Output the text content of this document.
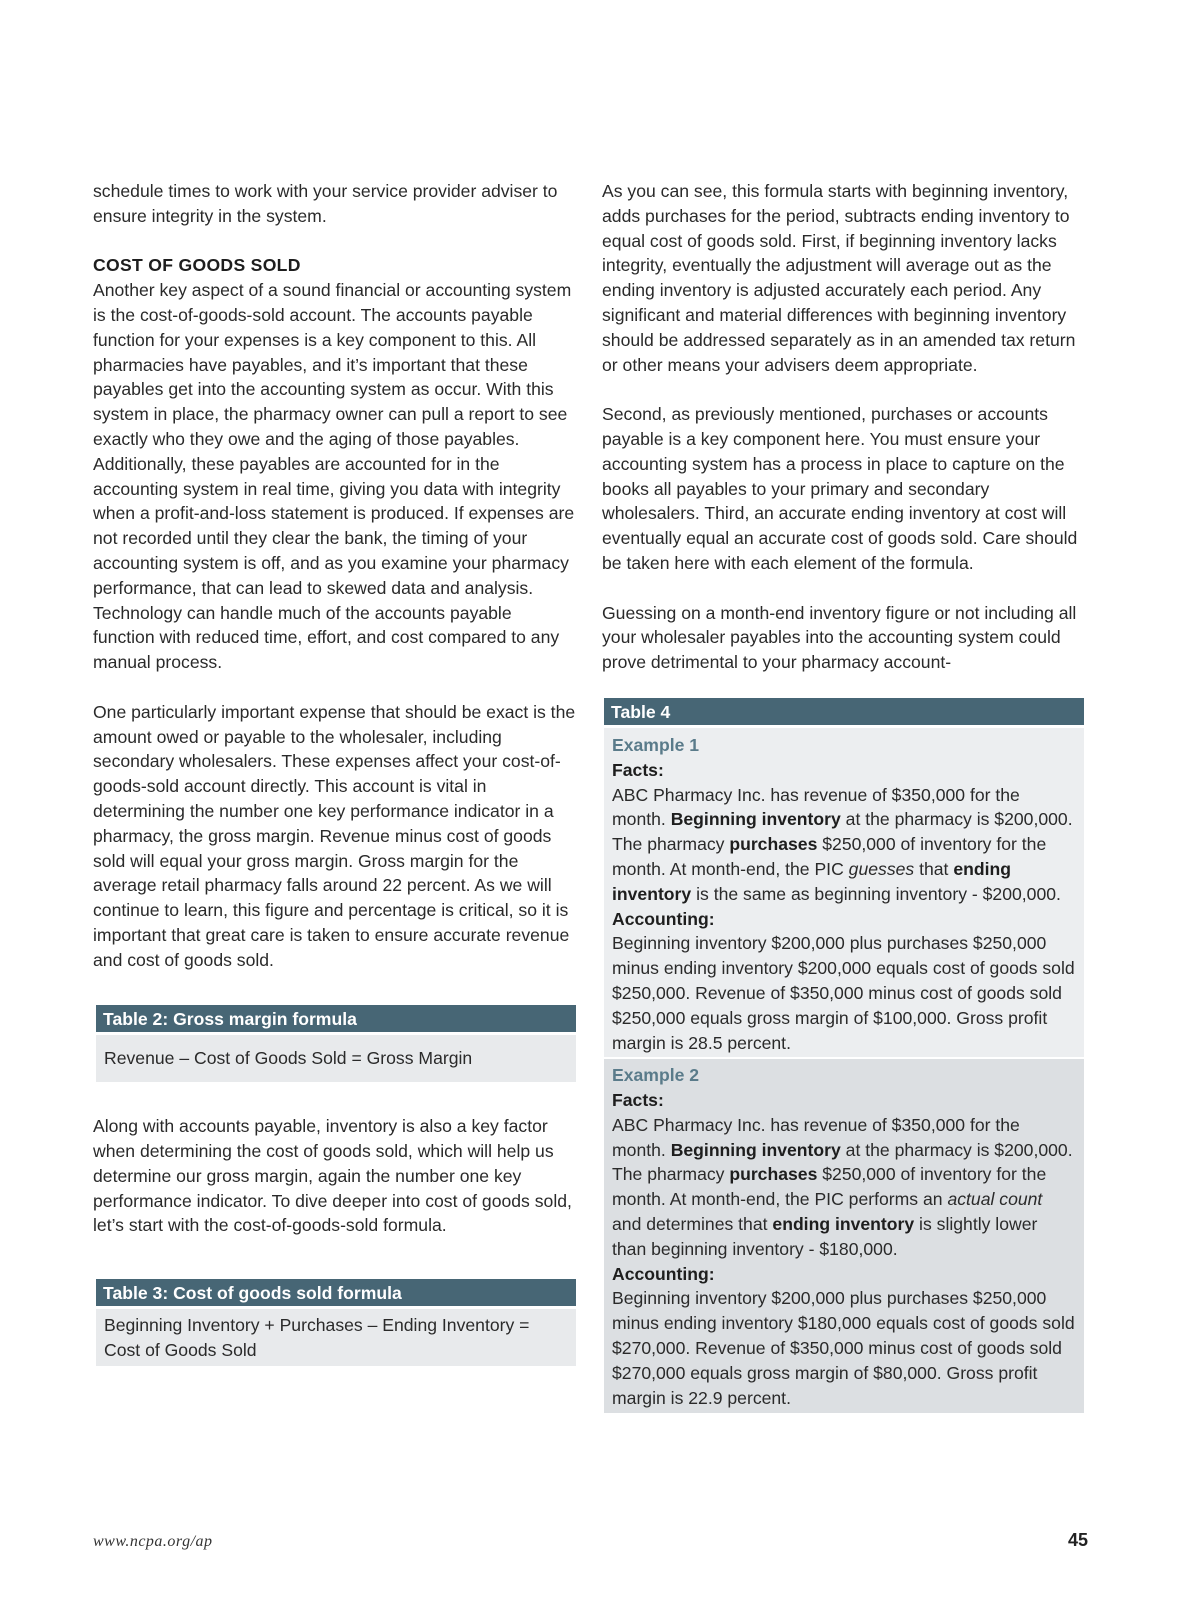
schedule times to work with your service provider adviser to ensure integrity in the system.

COST OF GOODS SOLD

Another key aspect of a sound financial or accounting system is the cost-of-goods-sold account. The accounts payable function for your expenses is a key component to this. All pharmacies have payables, and it’s important that these payables get into the accounting system as occur. With this system in place, the pharmacy owner can pull a report to see exactly who they owe and the aging of those payables. Additionally, these payables are accounted for in the accounting system in real time, giving you data with integrity when a profit-and-loss statement is produced. If expenses are not recorded until they clear the bank, the timing of your accounting system is off, and as you examine your pharmacy performance, that can lead to skewed data and analysis. Technology can handle much of the accounts payable function with reduced time, effort, and cost compared to any manual process.

One particularly important expense that should be exact is the amount owed or payable to the wholesaler, including secondary wholesalers. These expenses affect your cost-of-goods-sold account directly. This account is vital in determining the number one key performance indicator in a pharmacy, the gross margin. Revenue minus cost of goods sold will equal your gross margin. Gross margin for the average retail pharmacy falls around 22 percent. As we will continue to learn, this figure and percentage is critical, so it is important that great care is taken to ensure accurate revenue and cost of goods sold.

Table 2: Gross margin formula
Revenue – Cost of Goods Sold = Gross Margin

Along with accounts payable, inventory is also a key factor when determining the cost of goods sold, which will help us determine our gross margin, again the number one key performance indicator. To dive deeper into cost of goods sold, let’s start with the cost-of-goods-sold formula.

Table 3: Cost of goods sold formula
Beginning Inventory + Purchases – Ending Inventory = Cost of Goods Sold

As you can see, this formula starts with beginning inventory, adds purchases for the period, subtracts ending inventory to equal cost of goods sold. First, if beginning inventory lacks integrity, eventually the adjustment will average out as the ending inventory is adjusted accurately each period. Any significant and material differences with beginning inventory should be addressed separately as in an amended tax return or other means your advisers deem appropriate.

Second, as previously mentioned, purchases or accounts payable is a key component here. You must ensure your accounting system has a process in place to capture on the books all payables to your primary and secondary wholesalers. Third, an accurate ending inventory at cost will eventually equal an accurate cost of goods sold. Care should be taken here with each element of the formula.

Guessing on a month-end inventory figure or not including all your wholesaler payables into the accounting system could prove detrimental to your pharmacy account-

Table 4
Example 1
Facts:

ABC Pharmacy Inc. has revenue of $350,000 for the month. Beginning inventory at the pharmacy is $200,000. The pharmacy purchases $250,000 of inventory for the month. At month-end, the PIC guesses that ending inventory is the same as beginning inventory - $200,000.

Accounting:

Beginning inventory $200,000 plus purchases $250,000 minus ending inventory $200,000 equals cost of goods sold $250,000. Revenue of $350,000 minus cost of goods sold $250,000 equals gross margin of $100,000. Gross profit margin is 28.5 percent.

Example 2
Facts:

ABC Pharmacy Inc. has revenue of $350,000 for the month. Beginning inventory at the pharmacy is $200,000. The pharmacy purchases $250,000 of inventory for the month. At month-end, the PIC performs an actual count and determines that ending inventory is slightly lower than beginning inventory - $180,000.

Accounting:

Beginning inventory $200,000 plus purchases $250,000 minus ending inventory $180,000 equals cost of goods sold $270,000. Revenue of $350,000 minus cost of goods sold $270,000 equals gross margin of $80,000. Gross profit margin is 22.9 percent.

www.ncpa.org/ap	45
